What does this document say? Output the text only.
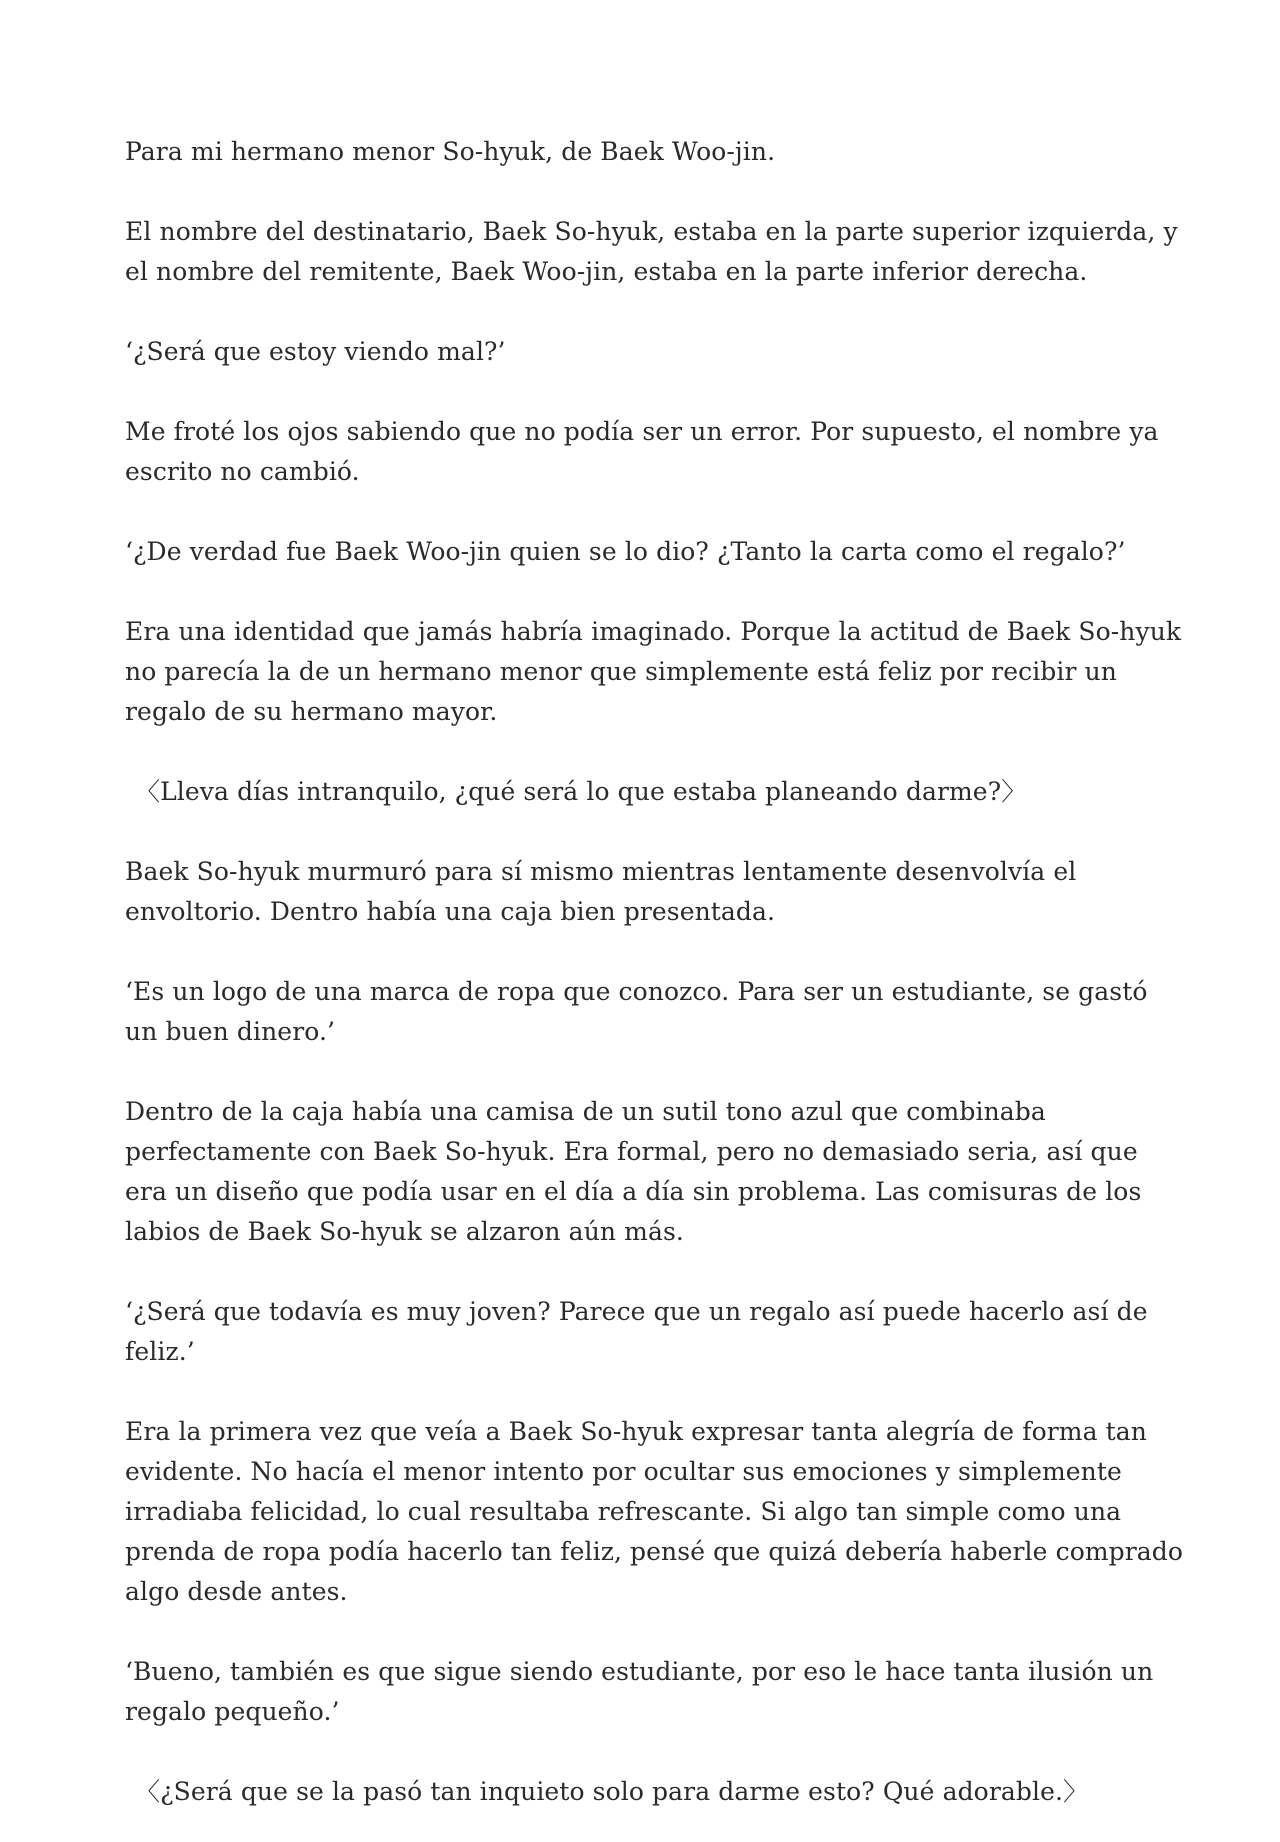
Para mi hermano menor So-hyuk, de Baek Woo-jin.

El nombre del destinatario, Baek So-hyuk, estaba en la parte superior izquierda, y el nombre del remitente, Baek Woo-jin, estaba en la parte inferior derecha.

‘¿Será que estoy viendo mal?’

Me froté los ojos sabiendo que no podía ser un error. Por supuesto, el nombre ya escrito no cambió.

‘¿De verdad fue Baek Woo-jin quien se lo dio? ¿Tanto la carta como el regalo?’

Era una identidad que jamás habría imaginado. Porque la actitud de Baek So-hyuk no parecía la de un hermano menor que simplemente está feliz por recibir un regalo de su hermano mayor.

〈Lleva días intranquilo, ¿qué será lo que estaba planeando darme?〉

Baek So-hyuk murmuró para sí mismo mientras lentamente desenvolvía el envoltorio. Dentro había una caja bien presentada.

‘Es un logo de una marca de ropa que conozco. Para ser un estudiante, se gastó un buen dinero.’

Dentro de la caja había una camisa de un sutil tono azul que combinaba perfectamente con Baek So-hyuk. Era formal, pero no demasiado seria, así que era un diseño que podía usar en el día a día sin problema. Las comisuras de los labios de Baek So-hyuk se alzaron aún más.

‘¿Será que todavía es muy joven? Parece que un regalo así puede hacerlo así de feliz.’

Era la primera vez que veía a Baek So-hyuk expresar tanta alegría de forma tan evidente. No hacía el menor intento por ocultar sus emociones y simplemente irradiaba felicidad, lo cual resultaba refrescante. Si algo tan simple como una prenda de ropa podía hacerlo tan feliz, pensé que quizá debería haberle comprado algo desde antes.

‘Bueno, también es que sigue siendo estudiante, por eso le hace tanta ilusión un regalo pequeño.’

〈¿Será que se la pasó tan inquieto solo para darme esto? Qué adorable.〉
